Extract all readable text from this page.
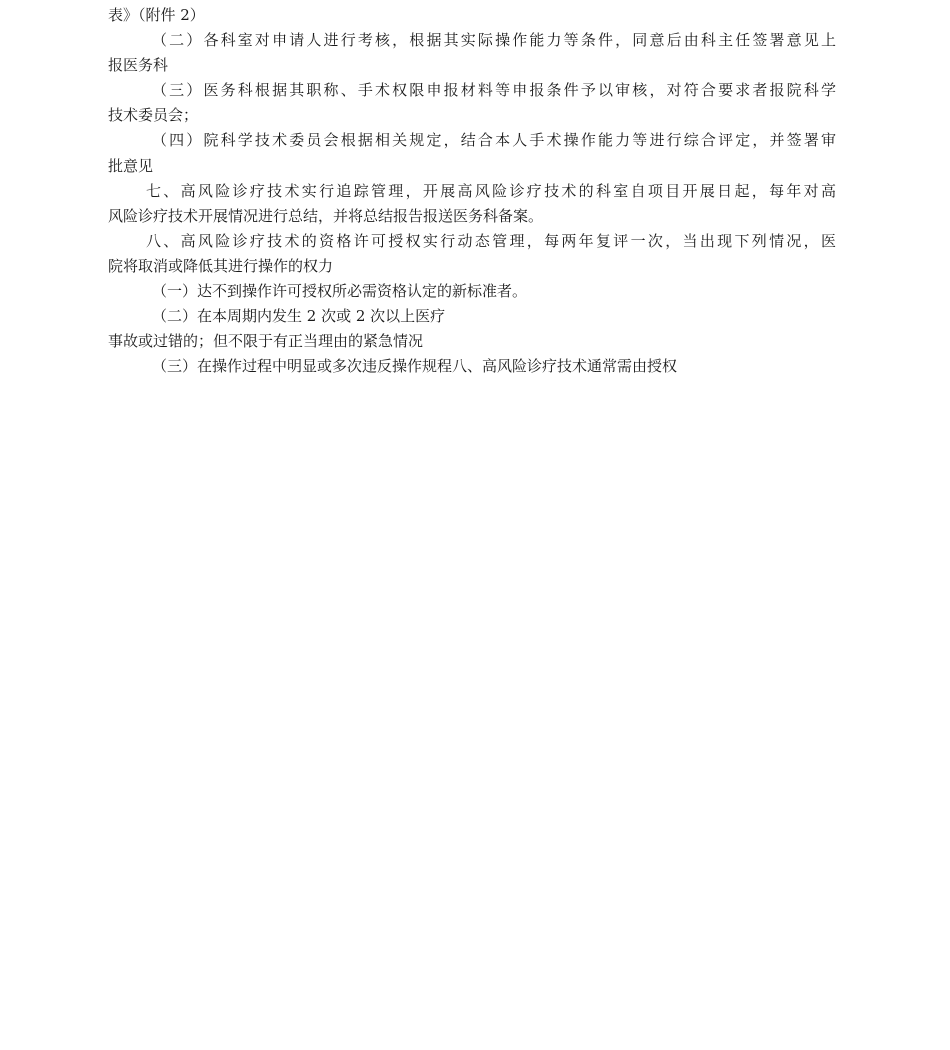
表》（附件 2）
（二）各科室对申请人进行考核，根据其实际操作能力等条件，同意后由科主任签署意见上
报医务科
（三）医务科根据其职称、手术权限申报材料等申报条件予以审核，对符合要求者报院科学
技术委员会；
（四）院科学技术委员会根据相关规定，结合本人手术操作能力等进行综合评定，并签署审
批意见
七、高风险诊疗技术实行追踪管理，开展高风险诊疗技术的科室自项目开展日起，每年对高
风险诊疗技术开展情况进行总结，并将总结报告报送医务科备案。
八、高风险诊疗技术的资格许可授权实行动态管理，每两年复评一次，当出现下列情况，医
院将取消或降低其进行操作的权力
（一）达不到操作许可授权所必需资格认定的新标准者。
（二）在本周期内发生 2 次或 2 次以上医疗
事故或过错的；但不限于有正当理由的紧急情况
（三）在操作过程中明显或多次违反操作规程八、高风险诊疗技术通常需由授权
